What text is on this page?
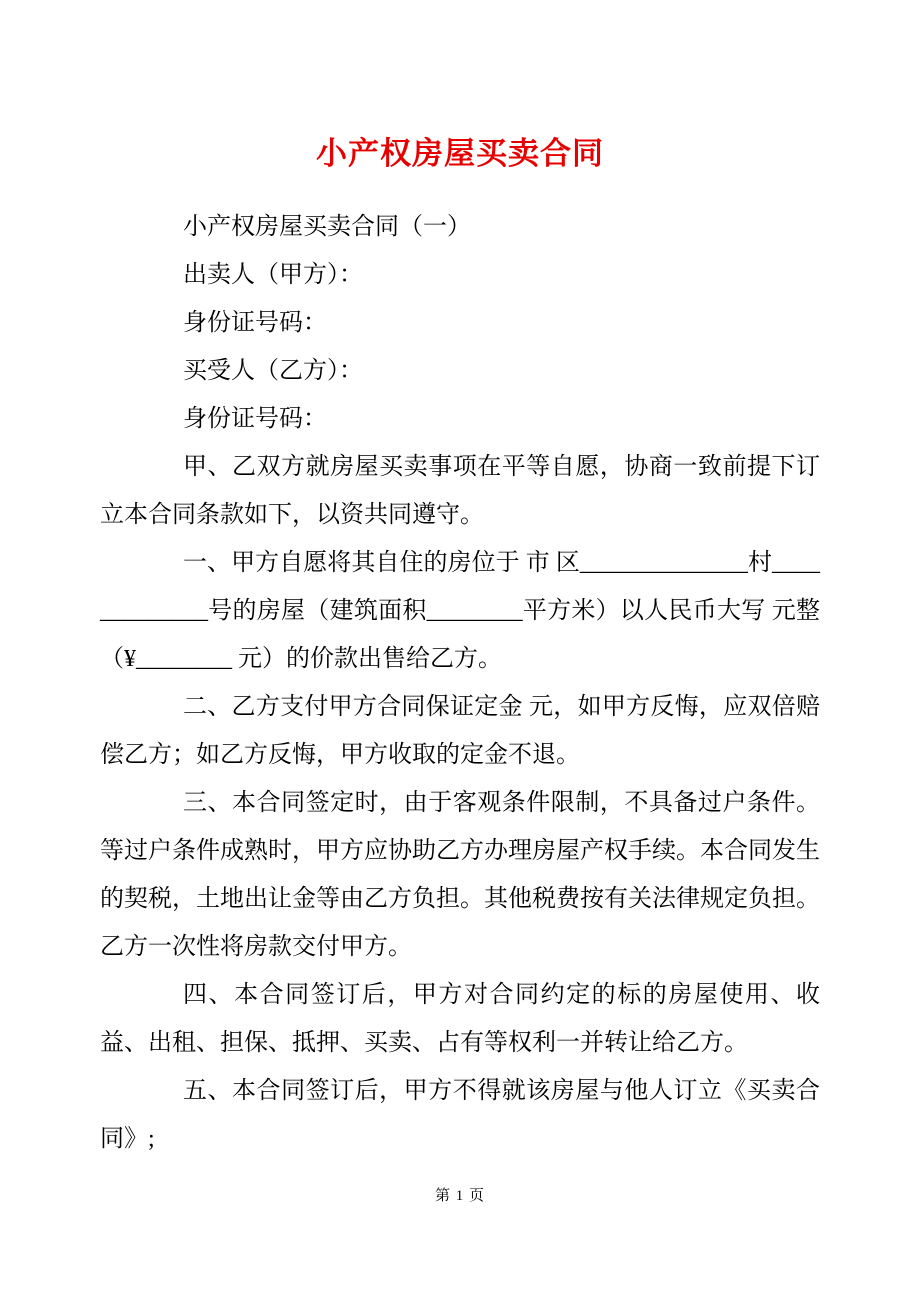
小产权房屋买卖合同

小产权房屋买卖合同（一）

出卖人（甲方）：

身份证号码：

买受人（乙方）：

身份证号码：

甲、乙双方就房屋买卖事项在平等自愿，协商一致前提下订立本合同条款如下，以资共同遵守。

一、甲方自愿将其自住的房位于 市 区______________村_____________号的房屋（建筑面积________平方米）以人民币大写 元整（¥________ 元）的价款出售给乙方。

二、乙方支付甲方合同保证定金 元，如甲方反悔，应双倍赔偿乙方；如乙方反悔，甲方收取的定金不退。

三、本合同签定时，由于客观条件限制，不具备过户条件。等过户条件成熟时，甲方应协助乙方办理房屋产权手续。本合同发生的契税，土地出让金等由乙方负担。其他税费按有关法律规定负担。乙方一次性将房款交付甲方。

四、本合同签订后，甲方对合同约定的标的房屋使用、收益、出租、担保、抵押、买卖、占有等权利一并转让给乙方。

五、本合同签订后，甲方不得就该房屋与他人订立《买卖合同》;

第 1 页
